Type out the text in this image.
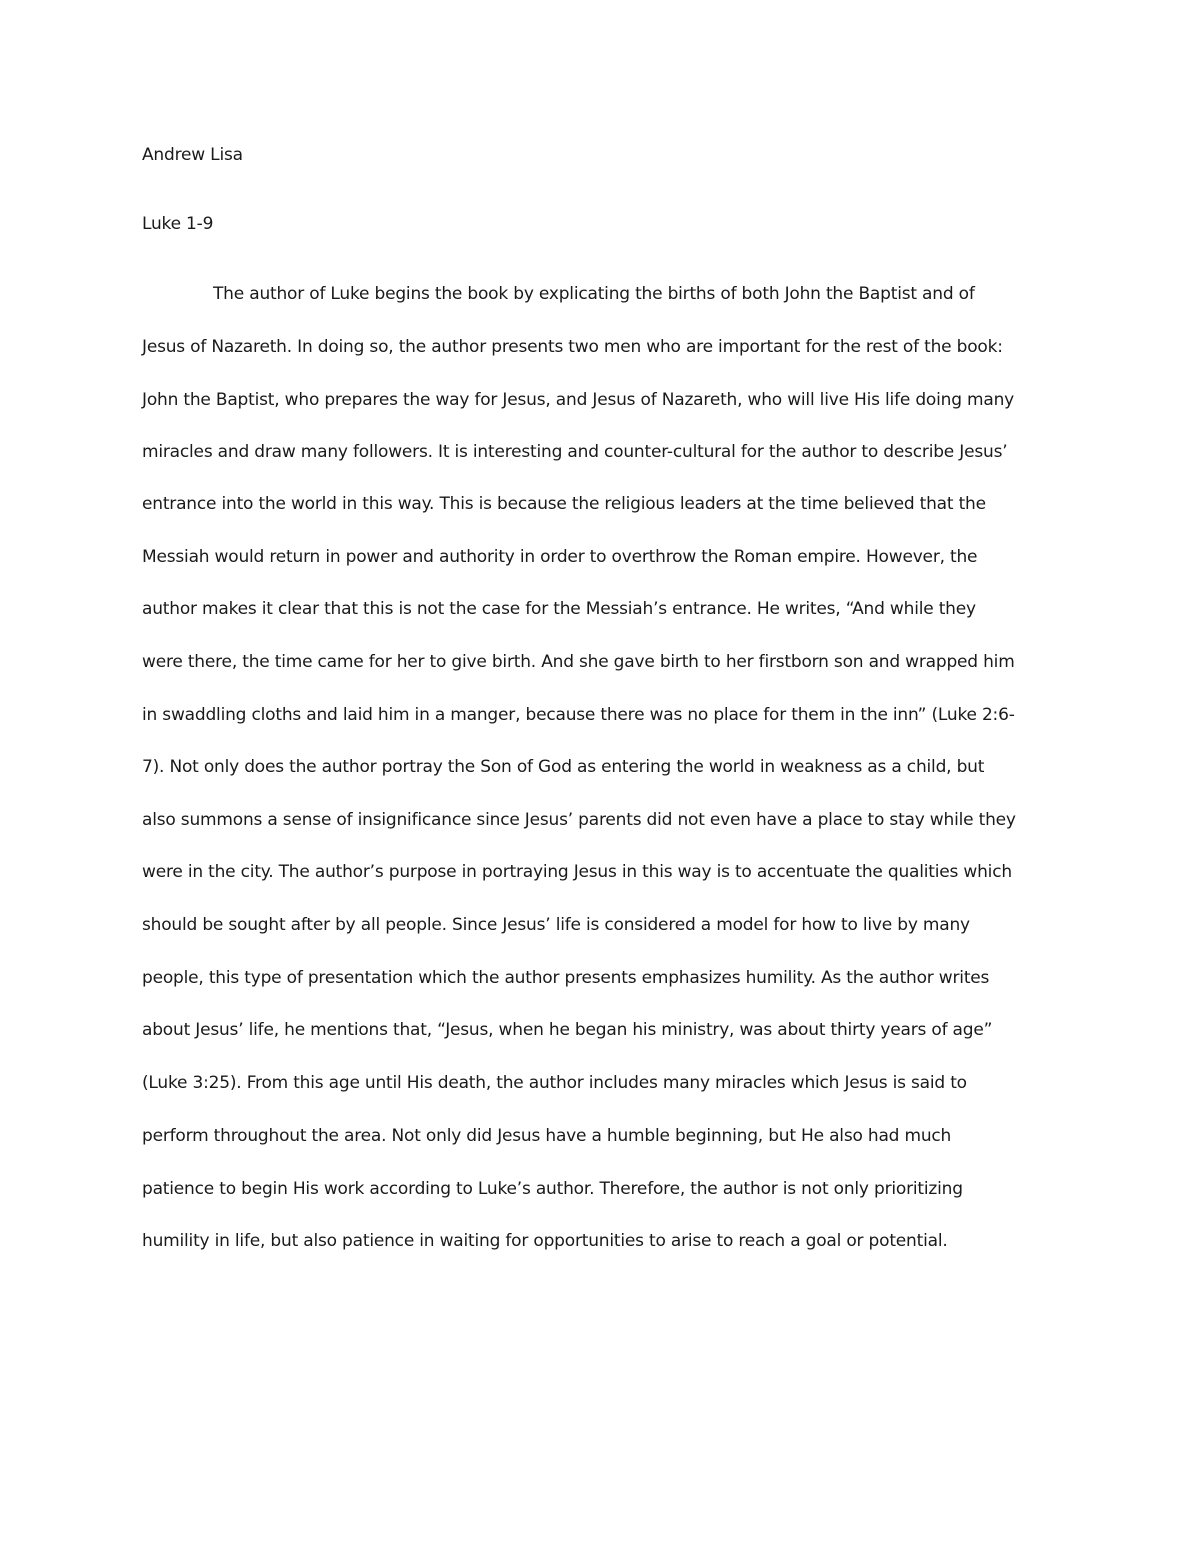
Andrew Lisa
Luke 1-9
The author of Luke begins the book by explicating the births of both John the Baptist and of
Jesus of Nazareth. In doing so, the author presents two men who are important for the rest of the book:
John the Baptist, who prepares the way for Jesus, and Jesus of Nazareth, who will live His life doing many
miracles and draw many followers. It is interesting and counter-cultural for the author to describe Jesus’
entrance into the world in this way. This is because the religious leaders at the time believed that the
Messiah would return in power and authority in order to overthrow the Roman empire. However, the
author makes it clear that this is not the case for the Messiah’s entrance. He writes, “And while they
were there, the time came for her to give birth. And she gave birth to her firstborn son and wrapped him
in swaddling cloths and laid him in a manger, because there was no place for them in the inn” (Luke 2:6-
7). Not only does the author portray the Son of God as entering the world in weakness as a child, but
also summons a sense of insignificance since Jesus’ parents did not even have a place to stay while they
were in the city. The author’s purpose in portraying Jesus in this way is to accentuate the qualities which
should be sought after by all people. Since Jesus’ life is considered a model for how to live by many
people, this type of presentation which the author presents emphasizes humility. As the author writes
about Jesus’ life, he mentions that, “Jesus, when he began his ministry, was about thirty years of age”
(Luke 3:25). From this age until His death, the author includes many miracles which Jesus is said to
perform throughout the area. Not only did Jesus have a humble beginning, but He also had much
patience to begin His work according to Luke’s author. Therefore, the author is not only prioritizing
humility in life, but also patience in waiting for opportunities to arise to reach a goal or potential.
